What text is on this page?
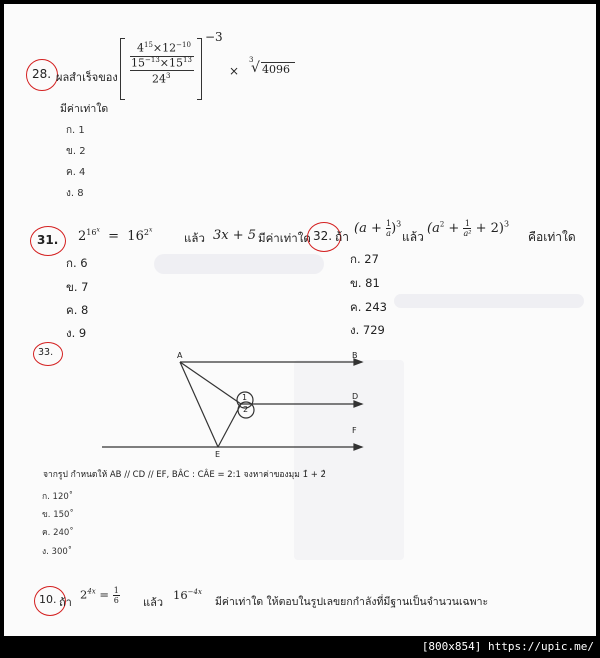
28. ผลสำเร็จของ
$4^{15}\times 12^{-10}$
$15^{-13}\times 15^{13}$
$24^3$
−3
×
3
√ 4096
มีค่าเท่าใด
ก. 1
ข. 2
ค. 4
ง. 8
31. $2^{16^x} = 16^{2^x}$
แล้ว 3x + 5 มีค่าเท่าใด
ก. 6
ข. 7
ค. 8
ง. 9
32. ถ้า
$(a + \frac{1}{a} )^3$
แล้ว
$(a^2 + \frac{1}{\text{a²}} + 2)^3$
คือเท่าใด
ก. 27
ข. 81
ค. 243
ง. 729
33.	A	B
D
F
E
1
2
จากรูป กำหนดให้ AB // CD // EF, BÂC : CÂE = 2:1 จงหาค่าของมุม 1̂ + 2̂
ก. 120˚
ข. 150˚
ค. 240˚
ง. 300˚
10. ถ้า
$2^{4x} = \frac{1}{6}$ แล้ว
$16^{-4x}$
มีค่าเท่าใด ให้ตอบในรูปเลขยกกำลังที่มีฐานเป็นจำนวนเฉพาะ
[800x854] https://upic.me/
